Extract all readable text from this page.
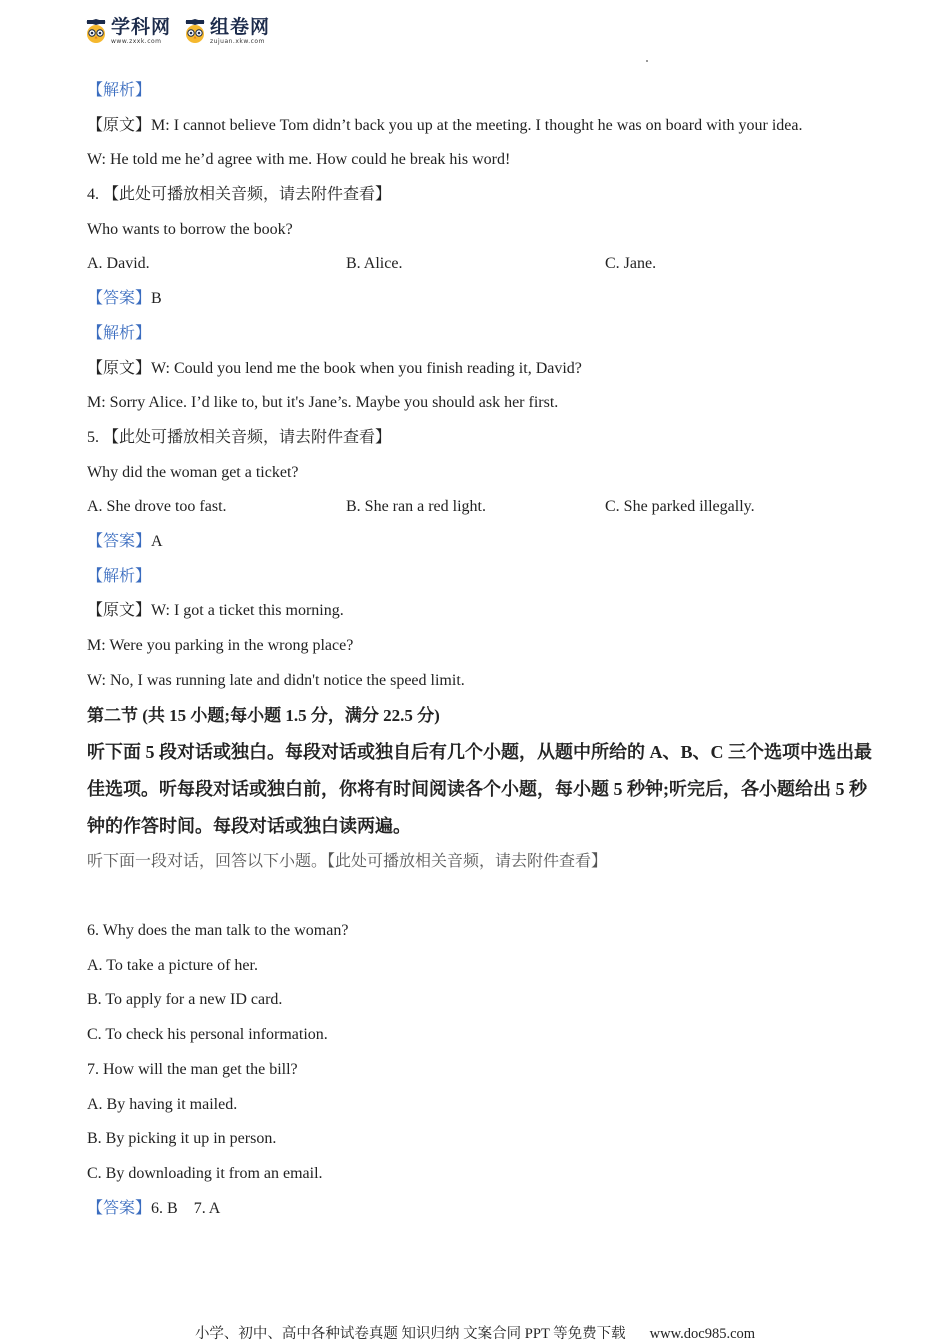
学科网
www.zxxk.com
组卷网
zujuan.xkw.com
【解析】
【原文】M: I cannot believe Tom didn’t back you up at the meeting. I thought he was on board with your idea.
W: He told me he’d agree with me. How could he break his word!
4. 【此处可播放相关音频，请去附件查看】
Who wants to borrow the book?
A. David.	B. Alice.	C. Jane.
【答案】B
【解析】
【原文】W: Could you lend me the book when you finish reading it, David?
M: Sorry Alice. I’d like to, but it's Jane’s. Maybe you should ask her first.
5. 【此处可播放相关音频，请去附件查看】
Why did the woman get a ticket?
A. She drove too fast.	B. She ran a red light.	C. She parked illegally.
【答案】A
【解析】
【原文】W: I got a ticket this morning.
M: Were you parking in the wrong place?
W: No, I was running late and didn't notice the speed limit.
第二节 (共 15 小题;每小题 1.5 分，满分 22.5 分)
听下面 5 段对话或独白。每段对话或独自后有几个小题，从题中所给的 A、B、C 三个选项中选出最佳选项。听每段对话或独白前，你将有时间阅读各个小题，每小题 5 秒钟;听完后，各小题给出 5 秒钟的作答时间。每段对话或独白读两遍。
听下面一段对话，回答以下小题。【此处可播放相关音频，请去附件查看】
6. Why does the man talk to the woman?
A. To take a picture of her.
B. To apply for a new ID card.
C. To check his personal information.
7. How will the man get the bill?
A. By having it mailed.
B. By picking it up in person.
C. By downloading it from an email.
【答案】6. B    7. A
小学、初中、高中各种试卷真题 知识归纳 文案合同 PPT 等免费下载 www.doc985.com
